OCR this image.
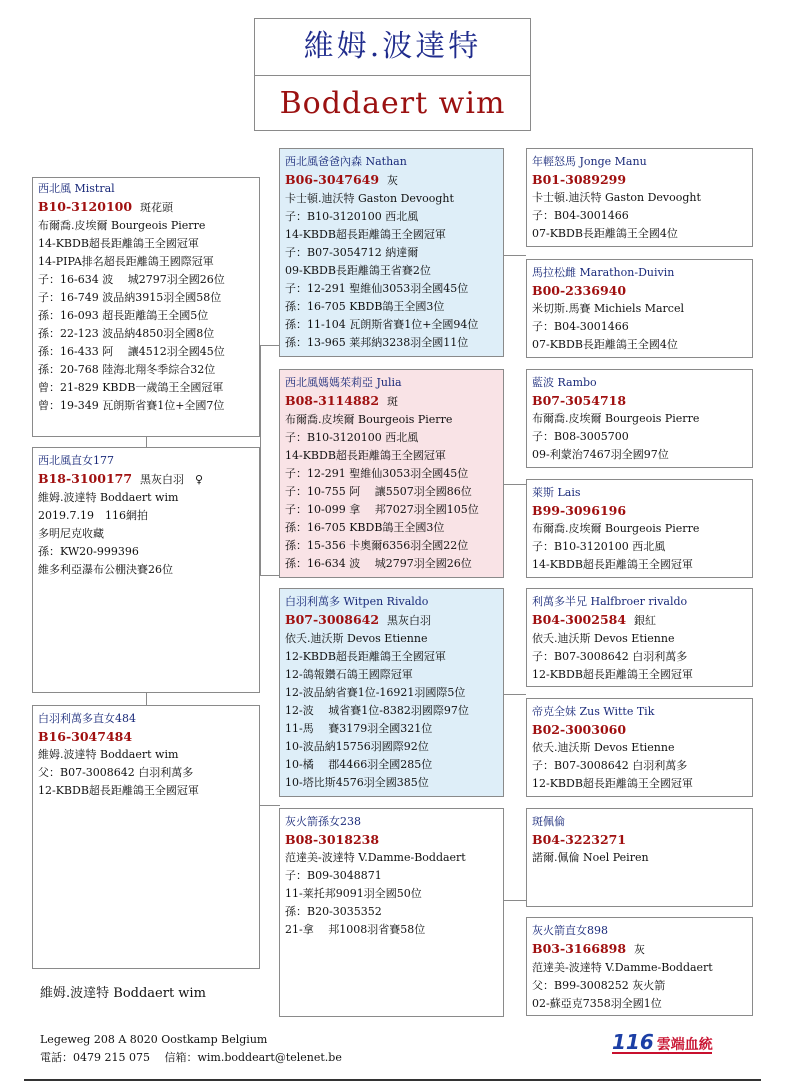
維姆.波達特
Boddaert wim
西北風 Mistral
B10-3120100 斑花頭
布爾喬.皮埃爾 Bourgeois Pierre
14-KBDB超長距離鴿王全國冠軍
14-PIPA排名超長距離鴿王國際冠軍
子：16-634 波　 城2797羽全國26位
子：16-749 波品納3915羽全國58位
孫：16-093 超長距離鴿王全國5位
孫：22-123 波品納4850羽全國8位
孫：16-433 阿　 讓4512羽全國45位
孫：20-768 陸海北翔冬季綜合32位
曾：21-829 KBDB一歲鴿王全國冠軍
曾：19-349 瓦朗斯省賽1位+全國7位
西北風直女177
B18-3100177 黑灰白羽　♀
維姆.波達特 Boddaert wim
2019.7.19　116網拍
多明尼克收藏
孫：KW20-999396
維多利亞瀑布公棚決賽26位
白羽利萬多直女484
B16-3047484
維姆.波達特 Boddaert wim
父：B07-3008642 白羽利萬多
12-KBDB超長距離鴿王全國冠軍
西北風爸爸內森 Nathan
B06-3047649 灰
卡士頓.迪沃特 Gaston Devooght
子：B10-3120100 西北風
14-KBDB超長距離鴿王全國冠軍
子：B07-3054712 納達爾
09-KBDB長距離鴿王省賽2位
子：12-291 聖維仙3053羽全國45位
孫：16-705 KBDB鴿王全國3位
孫：11-104 瓦朗斯省賽1位+全國94位
孫：13-965 莱邦納3238羽全國11位
西北風媽媽茱莉亞 Julia
B08-3114882 斑
布爾喬.皮埃爾 Bourgeois Pierre
子：B10-3120100 西北風
14-KBDB超長距離鴿王全國冠軍
子：12-291 聖維仙3053羽全國45位
子：10-755 阿　 讓5507羽全國86位
子：10-099 拿　 邦7027羽全國105位
孫：16-705 KBDB鴿王全國3位
孫：15-356 卡奧爾6356羽全國22位
孫：16-634 波　 城2797羽全國26位
白羽利萬多 Witpen Rivaldo
B07-3008642 黑灰白羽
依夭.迪沃斯 Devos Etienne
12-KBDB超長距離鴿王全國冠軍
12-鴿報鑽石鴿王國際冠軍
12-波品納省賽1位-16921羽國際5位
12-波　 城省賽1位-8382羽國際97位
11-馬　 賽3179羽全國321位
10-波品納15756羽國際92位
10-橘　 郡4466羽全國285位
10-塔比斯4576羽全國385位
灰火箭孫女238
B08-3018238
范達美-波達特 V.Damme-Boddaert
子：B09-3048871
11-莱托邦9091羽全國50位
孫：B20-3035352
21-拿　 邦1008羽省賽58位
年輕怒馬 Jonge Manu
B01-3089299
卡士頓.迪沃特 Gaston Devooght
子：B04-3001466
07-KBDB長距離鴿王全國4位
馬拉松雌 Marathon-Duivin
B00-2336940
米切斯.馬賽 Michiels Marcel
子：B04-3001466
07-KBDB長距離鴿王全國4位
藍波 Rambo
B07-3054718
布爾喬.皮埃爾 Bourgeois Pierre
子：B08-3005700
09-利蒙治7467羽全國97位
萊斯 Lais
B99-3096196
布爾喬.皮埃爾 Bourgeois Pierre
子：B10-3120100 西北風
14-KBDB超長距離鴿王全國冠軍
利萬多半兄 Halfbroer rivaldo
B04-3002584 銀紅
依夭.迪沃斯 Devos Etienne
子：B07-3008642 白羽利萬多
12-KBDB超長距離鴿王全國冠軍
帝克全妹 Zus Witte Tik
B02-3003060
依夭.迪沃斯 Devos Etienne
子：B07-3008642 白羽利萬多
12-KBDB超長距離鴿王全國冠軍
斑佩倫
B04-3223271
諾爾.佩倫 Noel Peiren
灰火箭直女898
B03-3166898 灰
范達美-波達特 V.Damme-Boddaert
父：B99-3008252 灰火箭
02-蘇亞克7358羽全國1位
維姆.波達特 Boddaert wim
Legeweg 208 A 8020 Oostkamp Belgium
電話：0479 215 075　 信箱：wim.boddeart@telenet.be
116 雲端血統
